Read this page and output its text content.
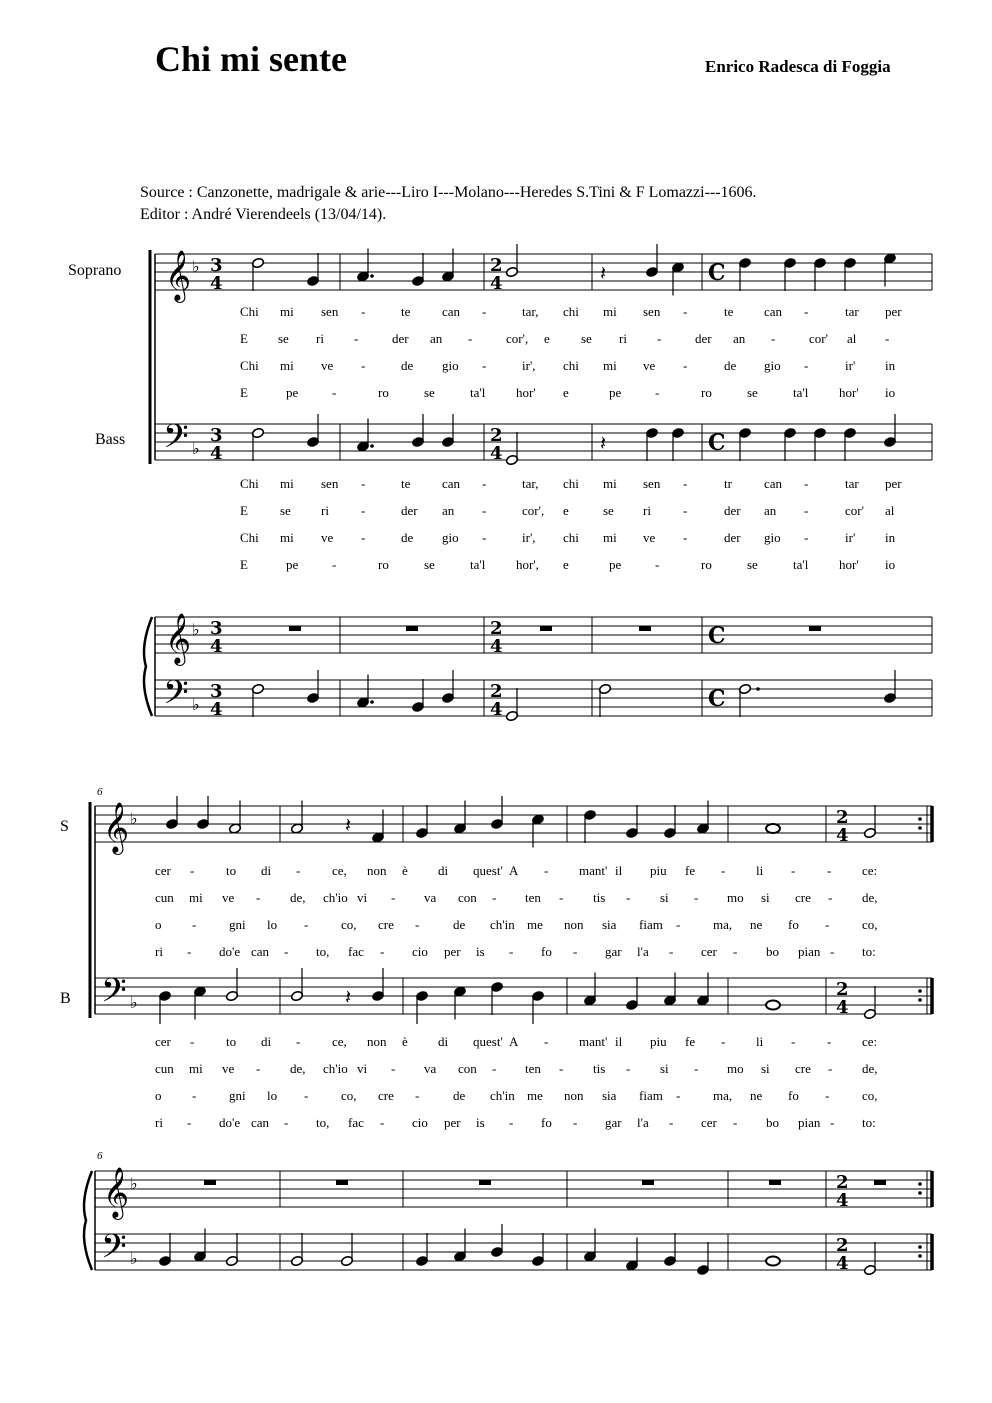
Chi mi sente	Enrico Radesca di Foggia
Source : Canzonette, madrigale & arie---Liro I---Molano---Heredes S.Tini & F Lomazzi---1606.
Editor : André Vierendeels (13/04/14).
Soprano
Bass
S
B
6
6
𝄞 ♭
𝄢 ♭
𝄞 ♭
𝄢 ♭
3
4
2
4	C
3
4
2
4	C
3
4
2
4	C
3
4
2
4	C
𝄽
𝄽
𝄞 ♭
𝄢 ♭
𝄞 ♭
𝄢 ♭
2
4
2
4
2
4
2
4
𝄽
𝄽
Chi mi sen -	te can -	tar, chi mi sen -	te can -	tar per
E se ri -	der an -	cor', e se ri -	der an -	cor' al -
Chi mi ve -	de gio -	ir', chi mi ve -	de gio -	ir' in
E	pe	-	ro	se	ta'l hor' e	pe	-	ro	se	ta'l hor' io
Chi mi sen -	te can -	tar, chi mi sen -	tr can -	tar per
E se ri -	der an -	cor', e	se ri -	der an -	cor' al
Chi mi ve -	de gio -	ir', chi mi ve -	der gio -	ir' in
E	pe	-	ro	se	ta'l hor', e	pe	-	ro	se	ta'l hor' io
cer - to di - ce, non è di quest' A - mant' il piu fe - li - - ce:
cun mi ve - de, ch'io vi - va con - ten - tis - si - mo si cre - de,
o -	gni lo -	co, cre -	de ch'in me non sia fiam -	ma, ne fo -	co,
ri - do'e can - to, fac - cio per is - fo - gar l'a - cer - bo pian - to:
cer - to di - ce, non è di quest' A - mant' il piu fe - li - - ce:
cun mi ve - de, ch'io vi - va con - ten - tis - si - mo si cre - de,
o -	gni lo -	co, cre -	de ch'in me non sia fiam -	ma, ne fo -	co,
ri - do'e can - to, fac - cio per is - fo - gar l'a - cer - bo pian - to:
